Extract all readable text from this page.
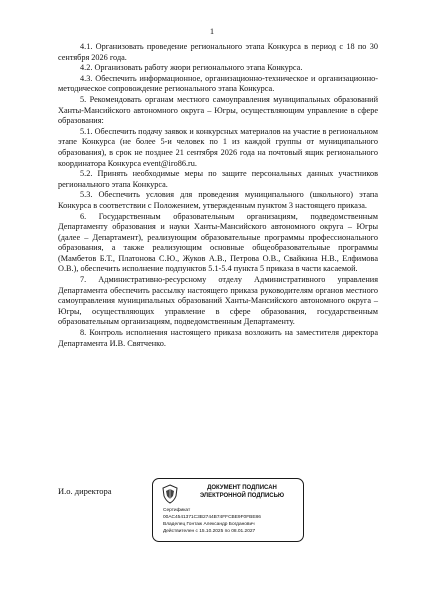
1

4.1. Организовать проведение регионального этапа Конкурса в период с 18 по 30 сентября 2026 года.

4.2. Организовать работу жюри регионального этапа Конкурса.

4.3. Обеспечить информационное, организационно-техническое и организационно-методическое сопровождение регионального этапа Конкурса.

5. Рекомендовать органам местного самоуправления муниципальных образований Ханты-Мансийского автономного округа – Югры, осуществляющим управление в сфере образования:

5.1. Обеспечить подачу заявок и конкурсных материалов на участие в региональном этапе Конкурса (не более 5-и человек по 1 из каждой группы от муниципального образования), в срок не позднее 21 сентября 2026 года на почтовый ящик регионального координатора Конкурса event@iro86.ru.

5.2. Принять необходимые меры по защите персональных данных участников регионального этапа Конкурса.

5.3. Обеспечить условия для проведения муниципального (школьного) этапа Конкурса в соответствии с Положением, утвержденным пунктом 3 настоящего приказа.

6. Государственным образовательным организациям, подведомственным Департаменту образования и науки Ханты-Мансийского автономного округа – Югры (далее – Департамент), реализующим образовательные программы профессионального образования, а также реализующим основные общеобразовательные программы (Мамбетов Б.Т., Платонова С.Ю., Жуков А.В., Петрова О.В., Свайкина Н.В., Елфимова О.В.), обеспечить исполнение подпунктов 5.1-5.4 пункта 5 приказа в части касаемой.

7. Административно-ресурсному отделу Административного управления Департамента обеспечить рассылку настоящего приказа руководителям органов местного самоуправления муниципальных образований Ханты-Мансийского автономного округа – Югры, осуществляющих управление в сфере образования, государственным образовательным организациям, подведомственным Департаменту.

8. Контроль исполнения настоящего приказа возложить на заместителя директора Департамента И.В. Святченко.

И.о. директора	ДОКУМЕНТ ПОДПИСАН
ЭЛЕКТРОННОЙ ПОДПИСЬЮ
Сертификат
00AC4541371C3B2744B74FFCBE9F0FBE86
Владелец Гонтаж Александр Богданович
Действителен с 15.10.2025 по 08.01.2027
